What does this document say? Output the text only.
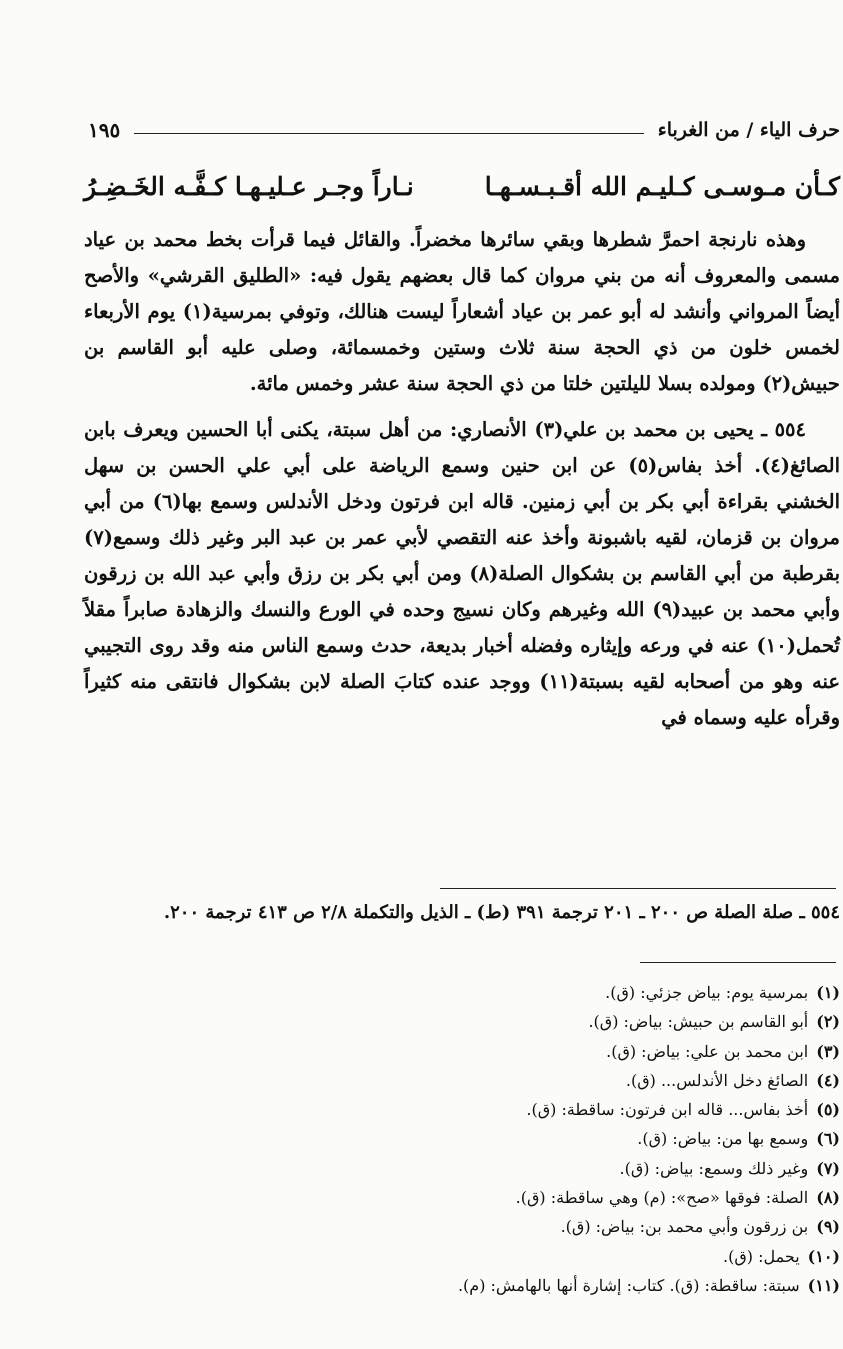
حرف الياء / من الغرباء
١٩٥
كـأن مـوسـى كـليـم الله أقـبـسـهـا
نـاراً وجـر عـليـهـا كـفَّـه الخَـضِـرُ

وهذه نارنجة احمرَّ شطرها وبقي سائرها مخضراً. والقائل فيما قرأت بخط محمد بن عياد مسمى والمعروف أنه من بني مروان كما قال بعضهم يقول فيه: «الطليق القرشي» والأصح أيضاً المرواني وأنشد له أبو عمر بن عياد أشعاراً ليست هنالك، وتوفي بمرسية(١) يوم الأربعاء لخمس خلون من ذي الحجة سنة ثلاث وستين وخمسمائة، وصلى عليه أبو القاسم بن حبيش(٢) ومولده بسلا لليلتين خلتا من ذي الحجة سنة عشر وخمس مائة.

٥٥٤ ـ يحيى بن محمد بن علي(٣) الأنصاري: من أهل سبتة، يكنى أبا الحسين ويعرف بابن الصائغ(٤). أخذ بفاس(٥) عن ابن حنين وسمع الرياضة على أبي علي الحسن بن سهل الخشني بقراءة أبي بكر بن أبي زمنين. قاله ابن فرتون ودخل الأندلس وسمع بها(٦) من أبي مروان بن قزمان، لقيه باشبونة وأخذ عنه التقصي لأبي عمر بن عبد البر وغير ذلك وسمع(٧) بقرطبة من أبي القاسم بن بشكوال الصلة(٨) ومن أبي بكر بن رزق وأبي عبد الله بن زرقون وأبي محمد بن عبيد(٩) الله وغيرهم وكان نسيج وحده في الورع والنسك والزهادة صابراً مقلاً تُحمل(١٠) عنه في ورعه وإيثاره وفضله أخبار بديعة، حدث وسمع الناس منه وقد روى التجيبي عنه وهو من أصحابه لقيه بسبتة(١١) ووجد عنده كتابَ الصلة لابن بشكوال فانتقى منه كثيراً وقرأه عليه وسماه في

٥٥٤ ـ صلة الصلة ص ٢٠٠ ـ ٢٠١ ترجمة ٣٩١ (ط) ـ الذيل والتكملة ٢/٨ ص ٤١٣ ترجمة ٢٠٠.
(١)بمرسية يوم: بياض جزئي: (ق).
(٢)أبو القاسم بن حبيش: بياض: (ق).
(٣)ابن محمد بن علي: بياض: (ق).
(٤)الصائغ دخل الأندلس... (ق).
(٥)أخذ بفاس... قاله ابن فرتون: ساقطة: (ق).
(٦)وسمع بها من: بياض: (ق).
(٧)وغير ذلك وسمع: بياض: (ق).
(٨)الصلة: فوقها «صح»: (م) وهي ساقطة: (ق).
(٩)بن زرقون وأبي محمد بن: بياض: (ق).
(١٠)يحمل: (ق).
(١١)سبتة: ساقطة: (ق). كتاب: إشارة أنها بالهامش: (م).
